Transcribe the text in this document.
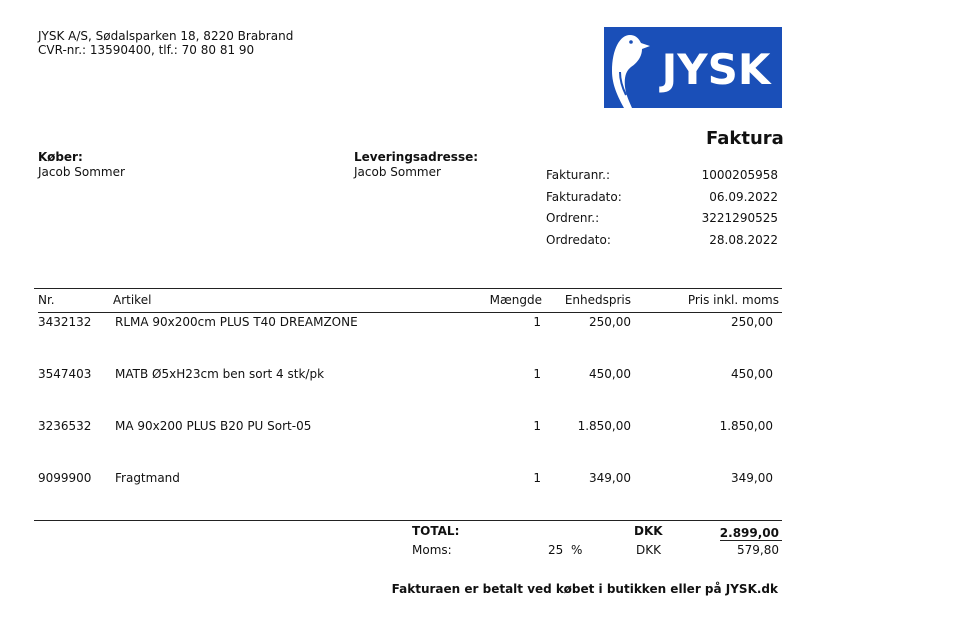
JYSK A/S, Sødalsparken 18, 8220 Brabrand
CVR-nr.: 13590400, tlf.: 70 80 81 90	JYSK
Faktura
Køber:
Jacob Sommer
Leveringsadresse:
Jacob Sommer	Fakturanr.:	1000205958
Fakturadato:	06.09.2022
Ordrenr.:	3221290525
Ordredato:	28.08.2022
Nr.	Artikel	Mængde	Enhedspris	Pris inkl. moms
3432132 RLMA 90x200cm PLUS T40 DREAMZONE	1	250,00	250,00
3547403 MATB Ø5xH23cm ben sort 4 stk/pk	1	450,00	450,00
3236532 MA 90x200 PLUS B20 PU Sort-05	1	1.850,00	1.850,00
9099900 Fragtmand	1	349,00	349,00
TOTAL:	DKK	2.899,00
Moms:	25 %	DKK	579,80
Fakturaen er betalt ved købet i butikken eller på JYSK.dk
